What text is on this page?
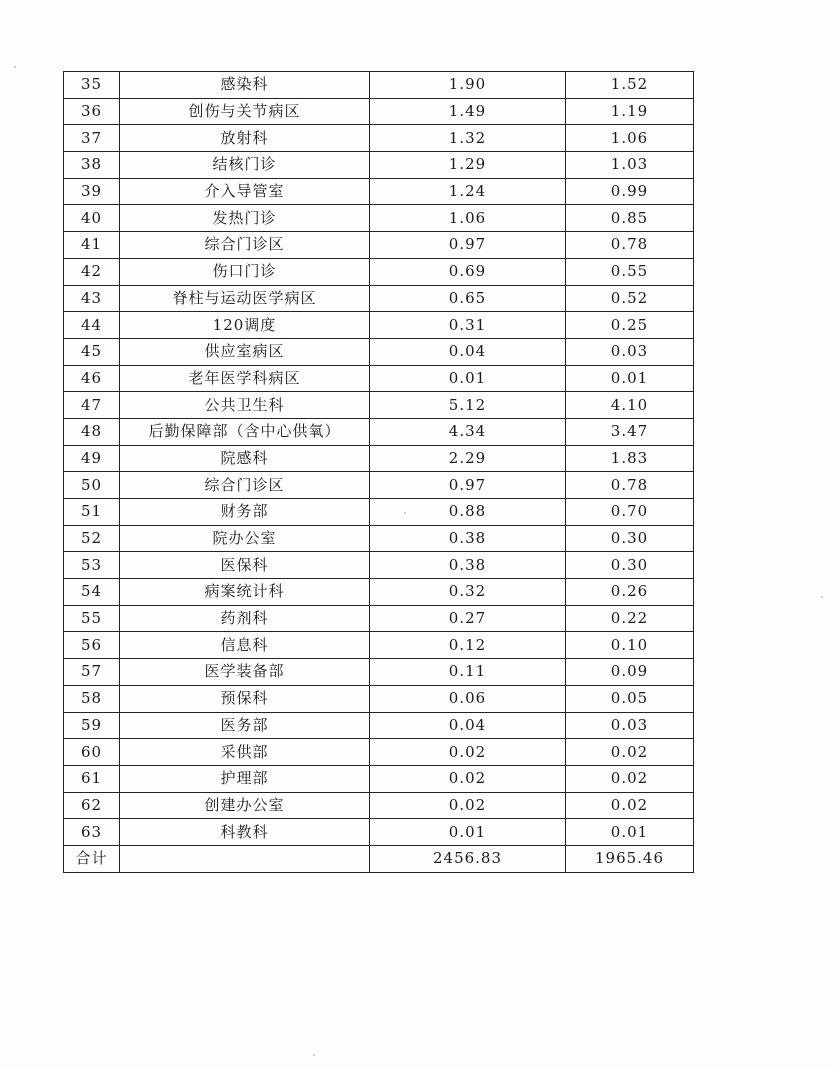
35	感染科	1.90	1.52
36	创伤与关节病区	1.49	1.19
37	放射科	1.32	1.06
38	结核门诊	1.29	1.03
39	介入导管室	1.24	0.99
40	发热门诊	1.06	0.85
41	综合门诊区	0.97	0.78
42	伤口门诊	0.69	0.55
43	脊柱与运动医学病区	0.65	0.52
44	120调度	0.31	0.25
45	供应室病区	0.04	0.03
46	老年医学科病区	0.01	0.01
47	公共卫生科	5.12	4.10
48	后勤保障部（含中心供氧）	4.34	3.47
49	院感科	2.29	1.83
50	综合门诊区	0.97	0.78
51	财务部	0.88	0.70
52	院办公室	0.38	0.30
53	医保科	0.38	0.30
54	病案统计科	0.32	0.26
55	药剂科	0.27	0.22
56	信息科	0.12	0.10
57	医学装备部	0.11	0.09
58	预保科	0.06	0.05
59	医务部	0.04	0.03
60	采供部	0.02	0.02
61	护理部	0.02	0.02
62	创建办公室	0.02	0.02
63	科教科	0.01	0.01
合计		2456.83	1965.46
